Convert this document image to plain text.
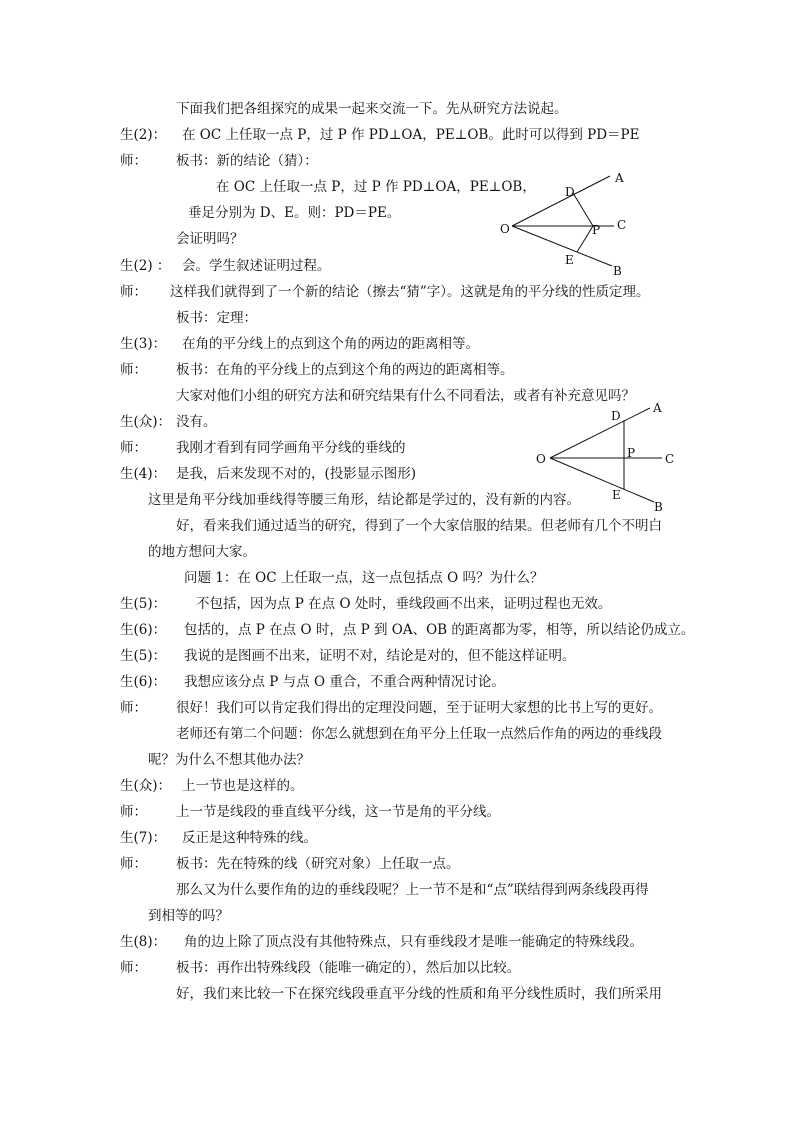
下面我们把各组探究的成果一起来交流一下。先从研究方法说起。
生(2)： 在 OC 上任取一点 P，过 P 作 PD⊥OA，PE⊥OB。此时可以得到 PD＝PE
师： 板书：新的结论（猜）：
在 OC 上任取一点 P，过 P 作 PD⊥OA，PE⊥OB，
垂足分别为 D、E。则：PD＝PE。
会证明吗？
生(2) ： 会。学生叙述证明过程。
师： 这样我们就得到了一个新的结论（擦去“猜”字）。这就是角的平分线的性质定理。
板书：定理：
生(3)： 在角的平分线上的点到这个角的两边的距离相等。
师： 板书：在角的平分线上的点到这个角的两边的距离相等。
大家对他们小组的研究方法和研究结果有什么不同看法，或者有补充意见吗？
生(众)： 没有。
师： 我刚才看到有同学画角平分线的垂线的
生(4)： 是我，后来发现不对的，(投影显示图形)
这里是角平分线加垂线得等腰三角形，结论都是学过的，没有新的内容。
好，看来我们通过适当的研究，得到了一个大家信服的结果。但老师有几个不明白
的地方想问大家。
问题 1：在 OC 上任取一点，这一点包括点 O 吗？为什么？
生(5)： 不包括，因为点 P 在点 O 处时，垂线段画不出来，证明过程也无效。
生(6)： 包括的，点 P 在点 O 时，点 P 到 OA、OB 的距离都为零，相等，所以结论仍成立。
生(5)： 我说的是图画不出来，证明不对，结论是对的，但不能这样证明。
生(6)： 我想应该分点 P 与点 O 重合，不重合两种情况讨论。
师： 很好！我们可以肯定我们得出的定理没问题，至于证明大家想的比书上写的更好。
老师还有第二个问题：你怎么就想到在角平分上任取一点然后作角的两边的垂线段
呢？为什么不想其他办法？
生(众)： 上一节也是这样的。
师： 上一节是线段的垂直线平分线，这一节是角的平分线。
生(7)： 反正是这种特殊的线。
师： 板书：先在特殊的线（研究对象）上任取一点。
那么又为什么要作角的边的垂线段呢？上一节不是和“点”联结得到两条线段再得
到相等的吗？
生(8)： 角的边上除了顶点没有其他特殊点，只有垂线段才是唯一能确定的特殊线段。
师： 板书：再作出特殊线段（能唯一确定的），然后加以比较。
好，我们来比较一下在探究线段垂直平分线的性质和角平分线性质时，我们所采用
A
D
C
P
O
E
B
D
A
O	P C
E
B
